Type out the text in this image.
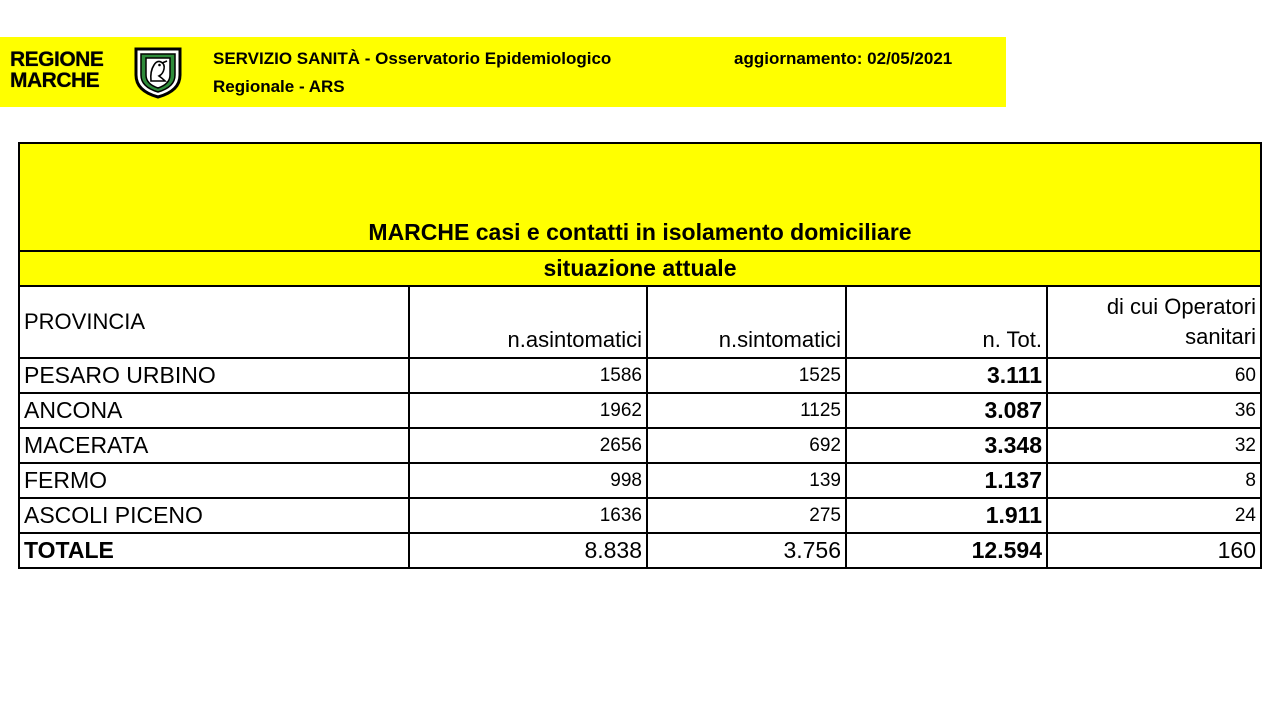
REGIONE
MARCHE
SERVIZIO SANITÀ - Osservatorio Epidemiologico
Regionale - ARS
aggiornamento: 02/05/2021
MARCHE casi e contatti in isolamento domiciliare				
situazione attuale				
PROVINCIA	n.asintomatici	n.sintomatici	n. Tot.	di cui Operatori
sanitari

PESARO URBINO	1586	1525	3.111	60
ANCONA	1962	1125	3.087	36
MACERATA	2656	692	3.348	32
FERMO	998	139	1.137	8
ASCOLI PICENO	1636	275	1.911	24
TOTALE	8.838	3.756	12.594	160
